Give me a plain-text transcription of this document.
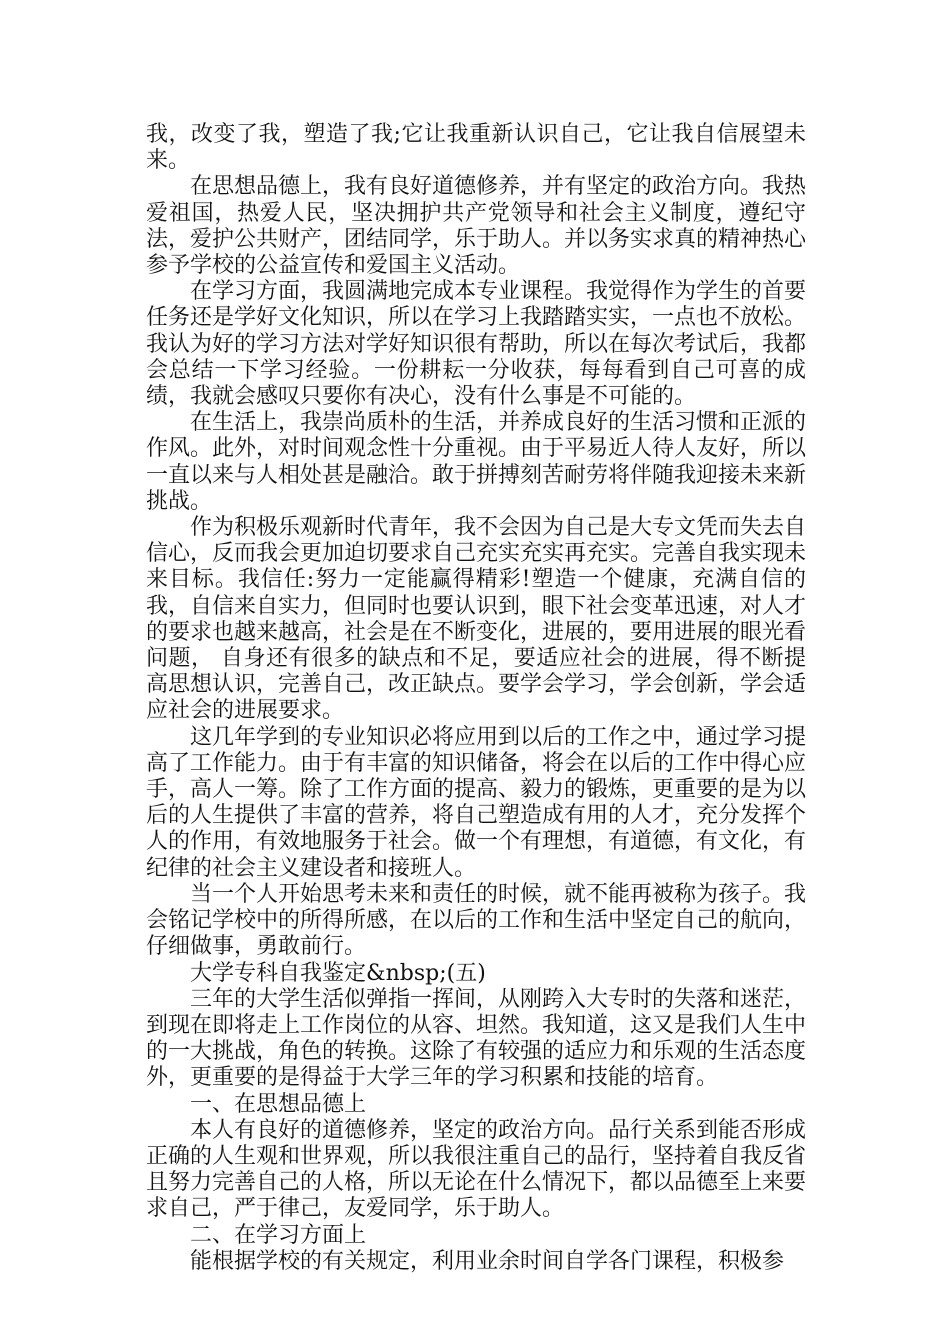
我，改变了我，塑造了我;它让我重新认识自己，它让我自信展望未来。

在思想品德上，我有良好道德修养，并有坚定的政治方向。我热爱祖国，热爱人民，坚决拥护共产党领导和社会主义制度，遵纪守法，爱护公共财产，团结同学，乐于助人。并以务实求真的精神热心参予学校的公益宣传和爱国主义活动。

在学习方面，我圆满地完成本专业课程。我觉得作为学生的首要任务还是学好文化知识，所以在学习上我踏踏实实，一点也不放松。我认为好的学习方法对学好知识很有帮助，所以在每次考试后，我都会总结一下学习经验。一份耕耘一分收获，每每看到自己可喜的成绩，我就会感叹只要你有决心，没有什么事是不可能的。

在生活上，我崇尚质朴的生活，并养成良好的生活习惯和正派的作风。此外，对时间观念性十分重视。由于平易近人待人友好，所以一直以来与人相处甚是融洽。敢于拼搏刻苦耐劳将伴随我迎接未来新挑战。

作为积极乐观新时代青年，我不会因为自己是大专文凭而失去自信心，反而我会更加迫切要求自己充实充实再充实。完善自我实现未来目标。我信任:努力一定能赢得精彩!塑造一个健康，充满自信的我，自信来自实力，但同时也要认识到，眼下社会变革迅速，对人才的要求也越来越高，社会是在不断变化，进展的，要用进展的眼光看问题， 自身还有很多的缺点和不足，要适应社会的进展，得不断提高思想认识，完善自己，改正缺点。要学会学习，学会创新，学会适应社会的进展要求。

这几年学到的专业知识必将应用到以后的工作之中，通过学习提高了工作能力。由于有丰富的知识储备，将会在以后的工作中得心应手，高人一筹。除了工作方面的提高、毅力的锻炼，更重要的是为以后的人生提供了丰富的营养，将自己塑造成有用的人才，充分发挥个人的作用，有效地服务于社会。做一个有理想，有道德，有文化，有纪律的社会主义建设者和接班人。

当一个人开始思考未来和责任的时候，就不能再被称为孩子。我会铭记学校中的所得所感，在以后的工作和生活中坚定自己的航向，仔细做事，勇敢前行。

大学专科自我鉴定&nbsp;(五)

三年的大学生活似弹指一挥间，从刚跨入大专时的失落和迷茫，到现在即将走上工作岗位的从容、坦然。我知道，这又是我们人生中的一大挑战，角色的转换。这除了有较强的适应力和乐观的生活态度外，更重要的是得益于大学三年的学习积累和技能的培育。

一、在思想品德上

本人有良好的道德修养，坚定的政治方向。品行关系到能否形成正确的人生观和世界观，所以我很注重自己的品行，坚持着自我反省且努力完善自己的人格，所以无论在什么情况下，都以品德至上来要求自己，严于律己，友爱同学，乐于助人。

二、在学习方面上

能根据学校的有关规定，利用业余时间自学各门课程，积极参
